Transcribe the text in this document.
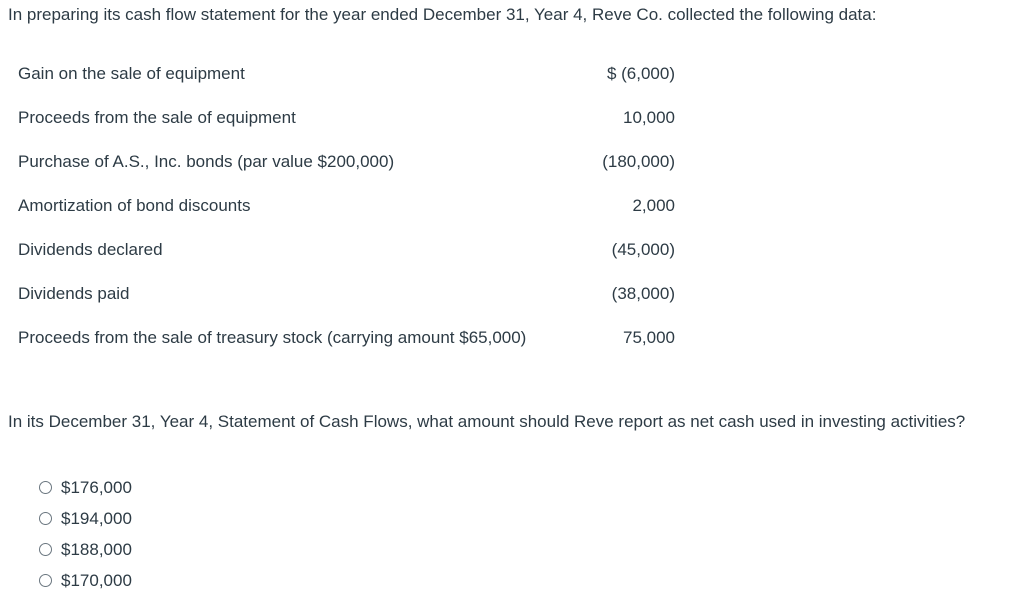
In preparing its cash flow statement for the year ended December 31, Year 4, Reve Co. collected the following data:
Gain on the sale of equipment	$ (6,000)
Proceeds from the sale of equipment	10,000
Purchase of A.S., Inc. bonds (par value $200,000)	(180,000)
Amortization of bond discounts	2,000
Dividends declared	(45,000)
Dividends paid	(38,000)
Proceeds from the sale of treasury stock (carrying amount $65,000)	75,000
In its December 31, Year 4, Statement of Cash Flows, what amount should Reve report as net cash used in investing activities?
$176,000
$194,000
$188,000
$170,000
